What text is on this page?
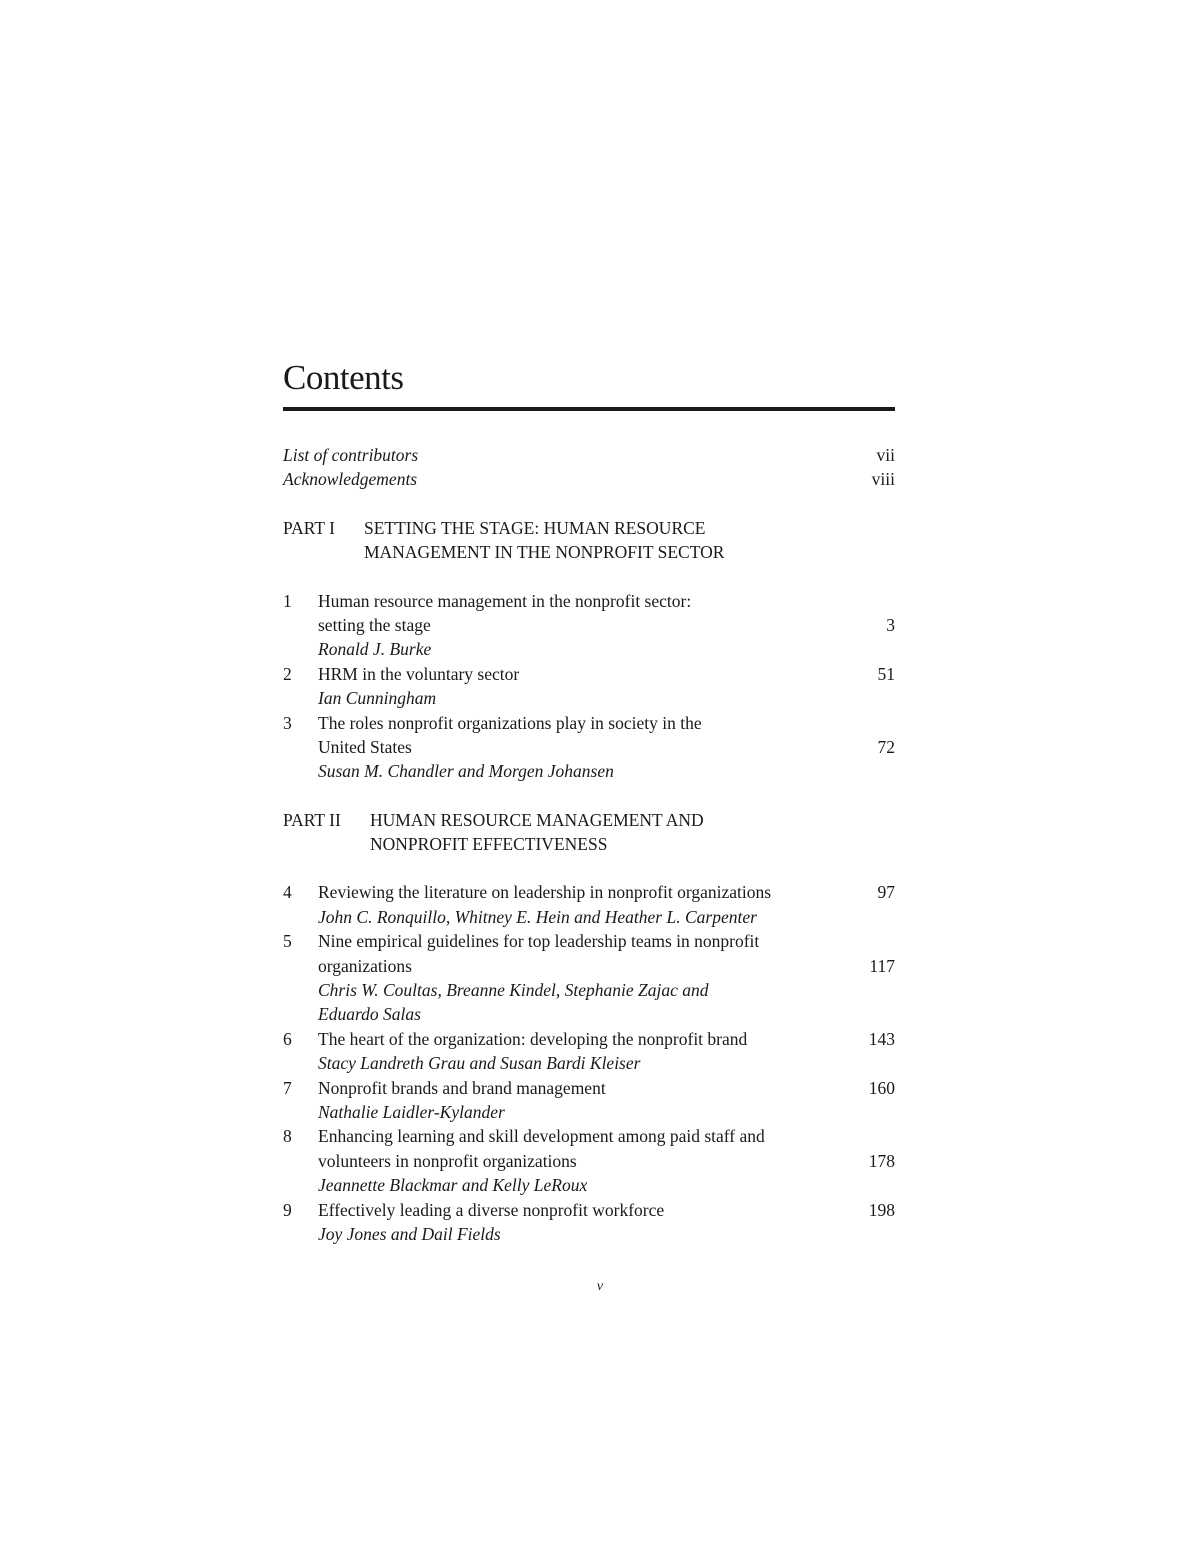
Contents
List of contributors	vii
Acknowledgements	viii
PART I SETTING THE STAGE: HUMAN RESOURCE
MANAGEMENT IN THE NONPROFIT SECTOR
1 Human resource management in the nonprofit sector:
setting the stage	3
Ronald J. Burke
2 HRM in the voluntary sector	51
Ian Cunningham
3 The roles nonprofit organizations play in society in the
United States	72
Susan M. Chandler and Morgen Johansen
PART II HUMAN RESOURCE MANAGEMENT AND
NONPROFIT EFFECTIVENESS
4 Reviewing the literature on leadership in nonprofit organizations	97
John C. Ronquillo, Whitney E. Hein and Heather L. Carpenter
5 Nine empirical guidelines for top leadership teams in nonprofit
organizations	117
Chris W. Coultas, Breanne Kindel, Stephanie Zajac and
Eduardo Salas
6 The heart of the organization: developing the nonprofit brand	143
Stacy Landreth Grau and Susan Bardi Kleiser
7 Nonprofit brands and brand management	160
Nathalie Laidler-Kylander
8 Enhancing learning and skill development among paid staff and
volunteers in nonprofit organizations	178
Jeannette Blackmar and Kelly LeRoux
9 Effectively leading a diverse nonprofit workforce	198
Joy Jones and Dail Fields
v
